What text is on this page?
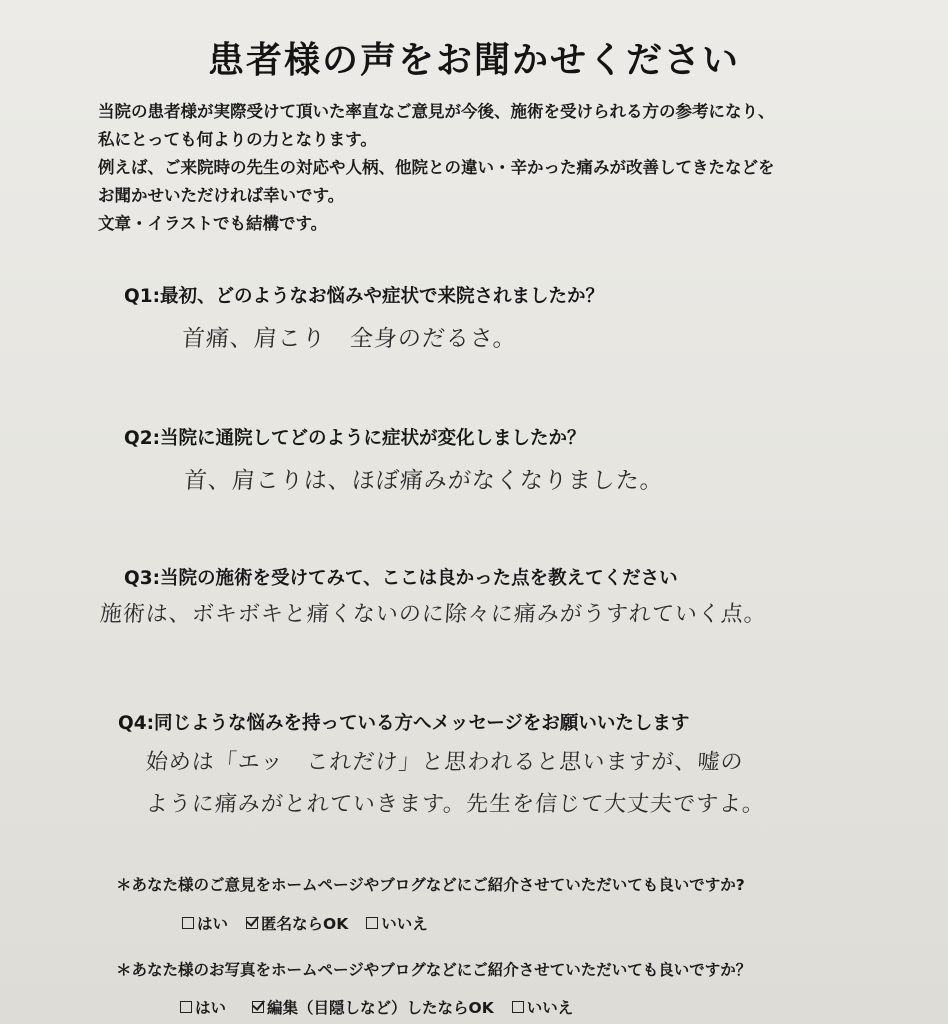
患者様の声をお聞かせください
当院の患者様が実際受けて頂いた率直なご意見が今後、施術を受けられる方の参考になり、
私にとっても何よりの力となります。
例えば、ご来院時の先生の対応や人柄、他院との違い・辛かった痛みが改善してきたなどを
お聞かせいただければ幸いです。
文章・イラストでも結構です。
Q1:最初、どのようなお悩みや症状で来院されましたか？
首痛、肩こり　全身のだるさ。
Q2:当院に通院してどのように症状が変化しましたか？
首、肩こりは、ほぼ痛みがなくなりました。
Q3:当院の施術を受けてみて、ここは良かった点を教えてください
施術は、ボキボキと痛くないのに除々に痛みがうすれていく点。
Q4:同じような悩みを持っている方へメッセージをお願いいたします
始めは「エッ　これだけ」と思われると思いますが、嘘の
ように痛みがとれていきます。先生を信じて大丈夫ですよ。
＊あなた様のご意見をホームページやブログなどにご紹介させていただいても良いですか?
はい 匿名ならOK いいえ
＊あなた様のお写真をホームページやブログなどにご紹介させていただいても良いですか？
はい	編集（目隠しなど）したならOK いいえ
